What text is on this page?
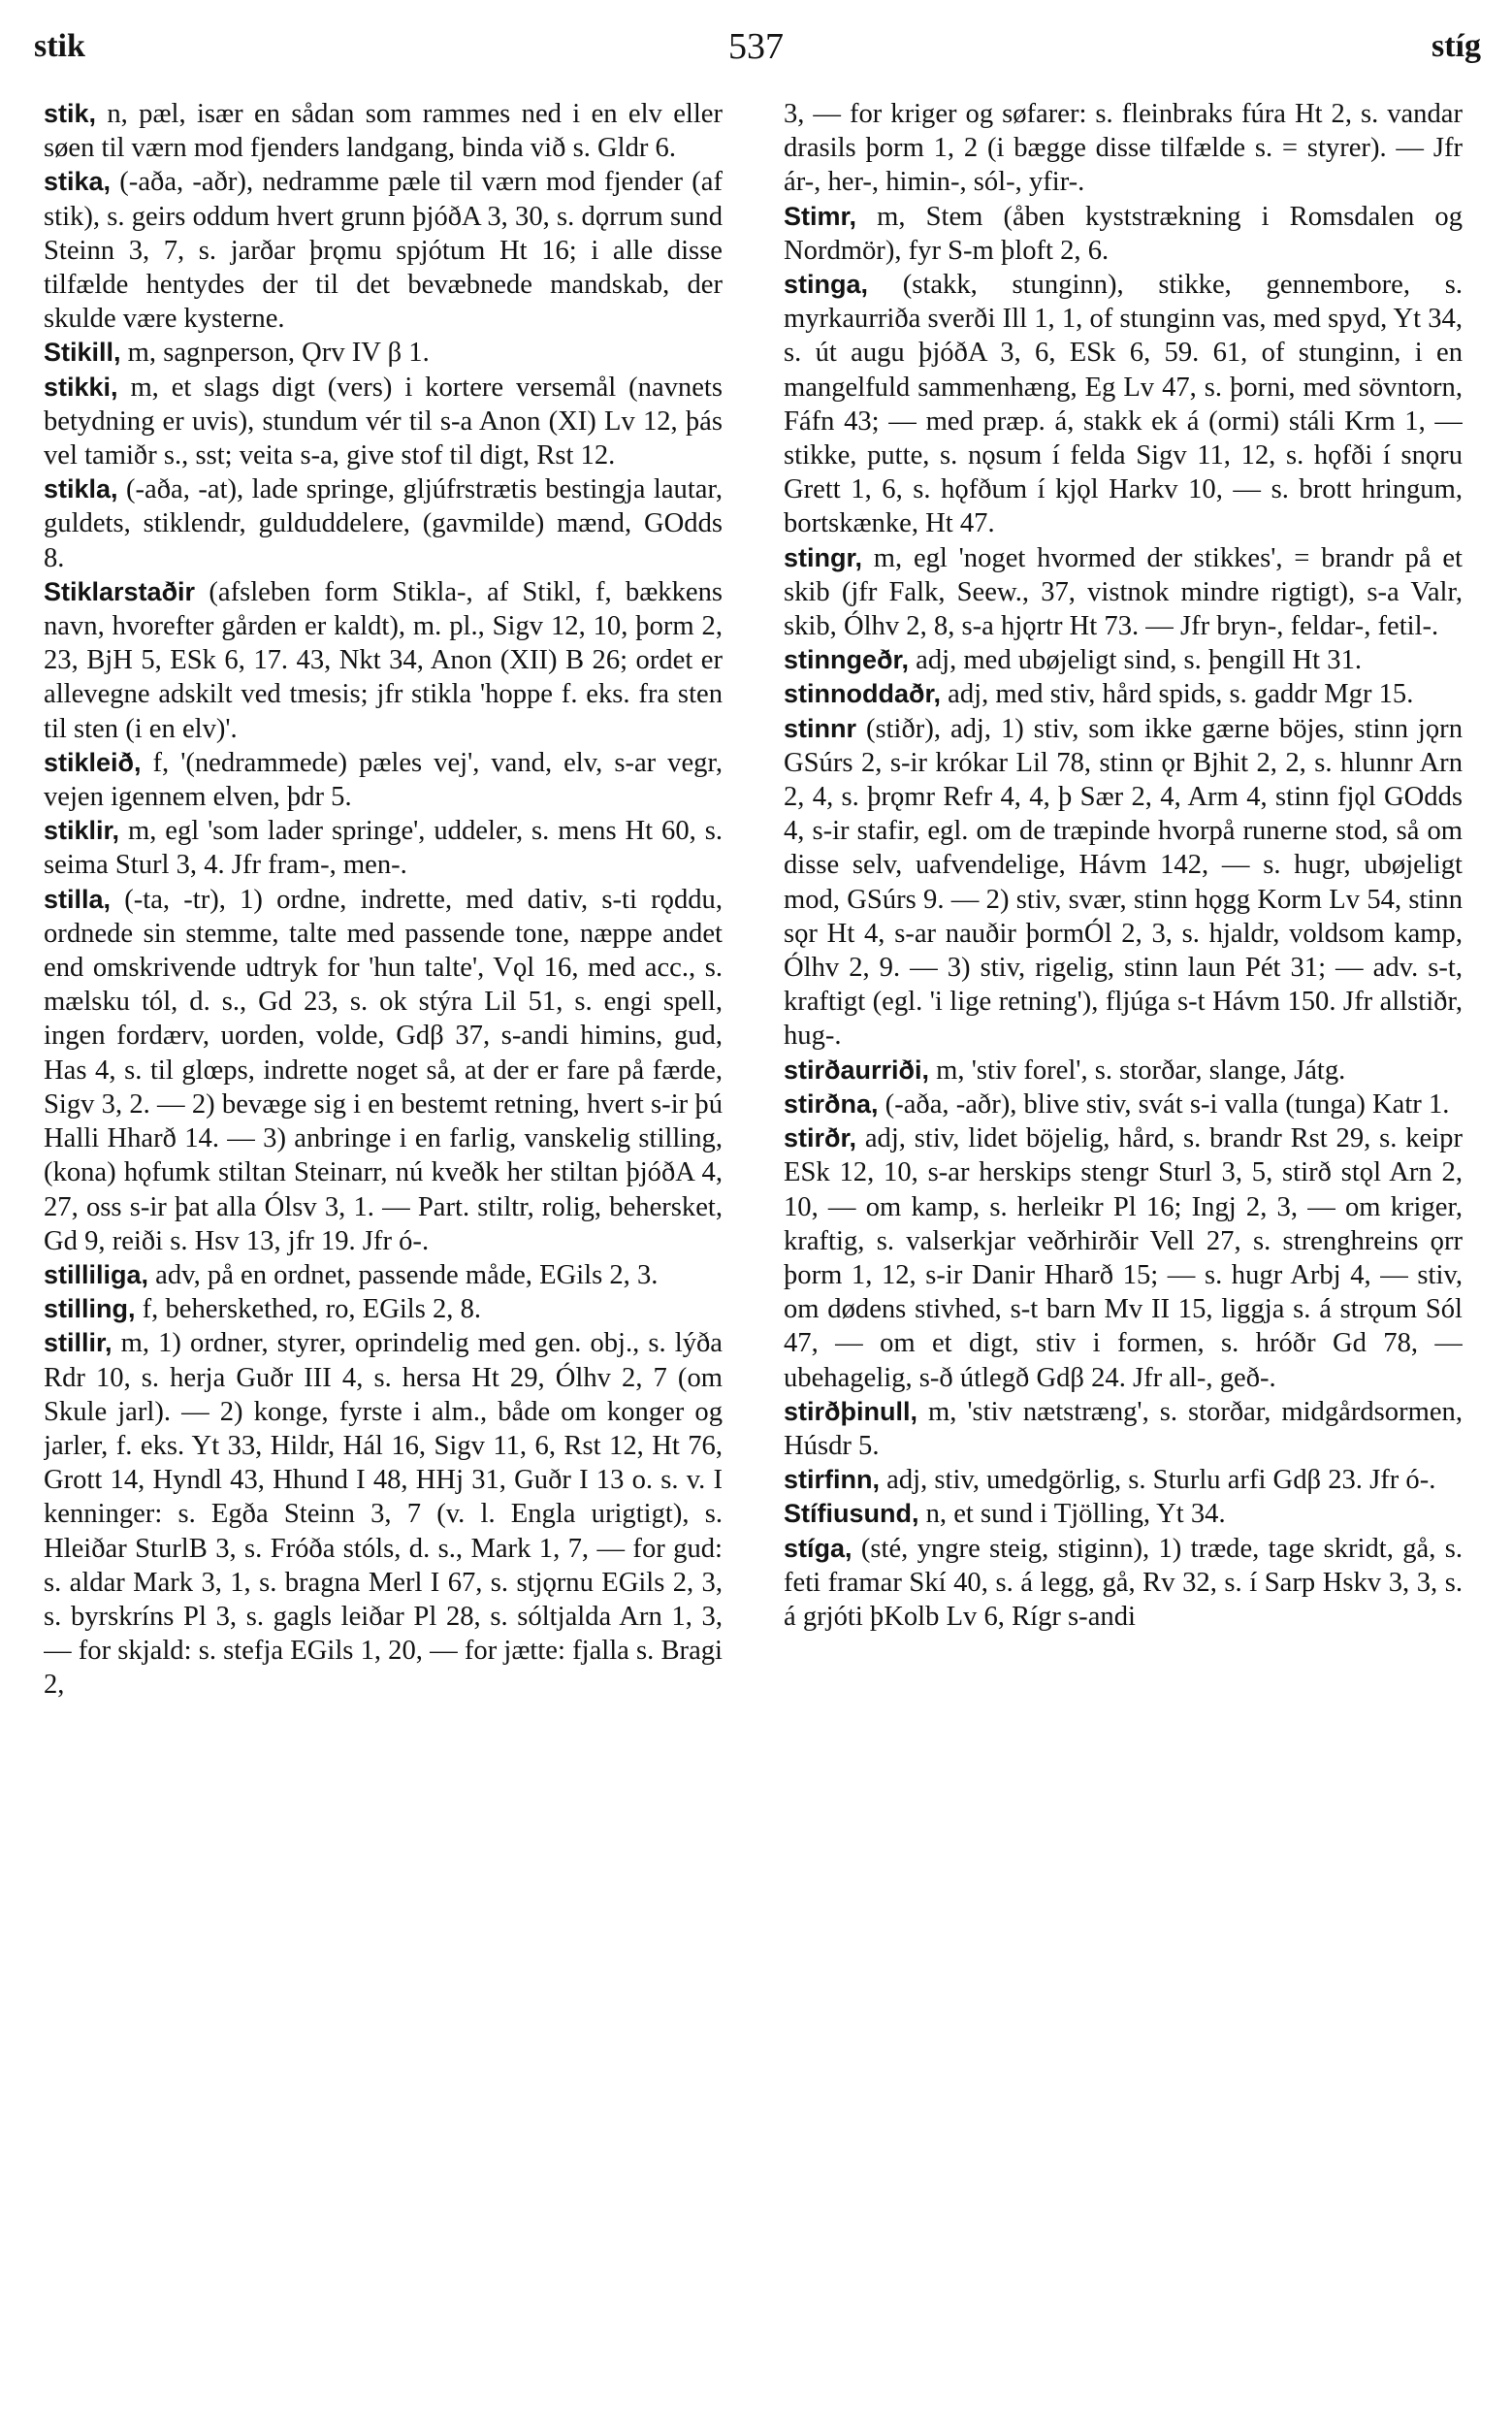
stik	537	stíg

stik, n, pæl, især en sådan som rammes ned i en elv eller søen til værn mod fjenders landgang, binda við s. Gldr 6.

stika, (-aða, -aðr), nedramme pæle til værn mod fjender (af stik), s. geirs oddum hvert grunn þjóðA 3, 30, s. dǫrrum sund Steinn 3, 7, s. jarðar þrǫmu spjótum Ht 16; i alle disse tilfælde hentydes der til det bevæbnede mandskab, der skulde være kysterne.

Stikill, m, sagnperson, Ǫrv IV β 1.

stikki, m, et slags digt (vers) i kortere versemål (navnets betydning er uvis), stundum vér til s-a Anon (XI) Lv 12, þás vel tamiðr s., sst; veita s-a, give stof til digt, Rst 12.

stikla, (-aða, -at), lade springe, gljúfrstrætis bestingja lautar, guldets, stiklendr, gulduddelere, (gavmilde) mænd, GOdds 8.

Stiklarstaðir (afsleben form Stikla-, af Stikl, f, bækkens navn, hvorefter gården er kaldt), m. pl., Sigv 12, 10, þorm 2, 23, BjH 5, ESk 6, 17. 43, Nkt 34, Anon (XII) B 26; ordet er allevegne adskilt ved tmesis; jfr stikla 'hoppe f. eks. fra sten til sten (i en elv)'.

stikleið, f, '(nedrammede) pæles vej', vand, elv, s-ar vegr, vejen igennem elven, þdr 5.

stiklir, m, egl 'som lader springe', uddeler, s. mens Ht 60, s. seima Sturl 3, 4. Jfr fram-, men-.

stilla, (-ta, -tr), 1) ordne, indrette, med dativ, s-ti rǫddu, ordnede sin stemme, talte med passende tone, næppe andet end omskrivende udtryk for 'hun talte', Vǫl 16, med acc., s. mælsku tól, d. s., Gd 23, s. ok stýra Lil 51, s. engi spell, ingen fordærv, uorden, volde, Gdβ 37, s-andi himins, gud, Has 4, s. til glœps, indrette noget så, at der er fare på færde, Sigv 3, 2. — 2) bevæge sig i en bestemt retning, hvert s-ir þú Halli Hharð 14. — 3) anbringe i en farlig, vanskelig stilling, (kona) hǫfumk stiltan Steinarr, nú kveðk her stiltan þjóðA 4, 27, oss s-ir þat alla Ólsv 3, 1. — Part. stiltr, rolig, behersket, Gd 9, reiði s. Hsv 13, jfr 19. Jfr ó-.

stilliliga, adv, på en ordnet, passende måde, EGils 2, 3.

stilling, f, beherskethed, ro, EGils 2, 8.

stillir, m, 1) ordner, styrer, oprindelig med gen. obj., s. lýða Rdr 10, s. herja Guðr III 4, s. hersa Ht 29, Ólhv 2, 7 (om Skule jarl). — 2) konge, fyrste i alm., både om konger og jarler, f. eks. Yt 33, Hildr, Hál 16, Sigv 11, 6, Rst 12, Ht 76, Grott 14, Hyndl 43, Hhund I 48, HHj 31, Guðr I 13 o. s. v. I kenninger: s. Egða Steinn 3, 7 (v. l. Engla urigtigt), s. Hleiðar SturlB 3, s. Fróða stóls, d. s., Mark 1, 7, — for gud: s. aldar Mark 3, 1, s. bragna Merl I 67, s. stjǫrnu EGils 2, 3, s. byrskríns Pl 3, s. gagls leiðar Pl 28, s. sóltjalda Arn 1, 3, — for skjald: s. stefja EGils 1, 20, — for jætte: fjalla s. Bragi 2,

3, — for kriger og søfarer: s. fleinbraks fúra Ht 2, s. vandar drasils þorm 1, 2 (i bægge disse tilfælde s. = styrer). — Jfr ár-, her-, himin-, sól-, yfir-.

Stimr, m, Stem (åben kyststrækning i Romsdalen og Nordmör), fyr S-m þloft 2, 6.

stinga, (stakk, stunginn), stikke, gennembore, s. myrkaurriða sverði Ill 1, 1, of stunginn vas, med spyd, Yt 34, s. út augu þjóðA 3, 6, ESk 6, 59. 61, of stunginn, i en mangelfuld sammenhæng, Eg Lv 47, s. þorni, med sövntorn, Fáfn 43; — med præp. á, stakk ek á (ormi) stáli Krm 1, — stikke, putte, s. nǫsum í felda Sigv 11, 12, s. hǫfði í snǫru Grett 1, 6, s. hǫfðum í kjǫl Harkv 10, — s. brott hringum, bortskænke, Ht 47.

stingr, m, egl 'noget hvormed der stikkes', = brandr på et skib (jfr Falk, Seew., 37, vistnok mindre rigtigt), s-a Valr, skib, Ólhv 2, 8, s-a hjǫrtr Ht 73. — Jfr bryn-, feldar-, fetil-.

stinngeðr, adj, med ubøjeligt sind, s. þengill Ht 31.

stinnoddaðr, adj, med stiv, hård spids, s. gaddr Mgr 15.

stinnr (stiðr), adj, 1) stiv, som ikke gærne böjes, stinn jǫrn GSúrs 2, s-ir krókar Lil 78, stinn ǫr Bjhit 2, 2, s. hlunnr Arn 2, 4, s. þrǫmr Refr 4, 4, þ Sær 2, 4, Arm 4, stinn fjǫl GOdds 4, s-ir stafir, egl. om de træpinde hvorpå runerne stod, så om disse selv, uafvendelige, Hávm 142, — s. hugr, ubøjeligt mod, GSúrs 9. — 2) stiv, svær, stinn hǫgg Korm Lv 54, stinn sǫr Ht 4, s-ar nauðir þormÓl 2, 3, s. hjaldr, voldsom kamp, Ólhv 2, 9. — 3) stiv, rigelig, stinn laun Pét 31; — adv. s-t, kraftigt (egl. 'i lige retning'), fljúga s-t Hávm 150. Jfr allstiðr, hug-.

stirðaurriði, m, 'stiv forel', s. storðar, slange, Játg.

stirðna, (-aða, -aðr), blive stiv, svát s-i valla (tunga) Katr 1.

stirðr, adj, stiv, lidet böjelig, hård, s. brandr Rst 29, s. keipr ESk 12, 10, s-ar herskips stengr Sturl 3, 5, stirð stǫl Arn 2, 10, — om kamp, s. herleikr Pl 16; Ingj 2, 3, — om kriger, kraftig, s. valserkjar veðrhirðir Vell 27, s. strenghreins ǫrr þorm 1, 12, s-ir Danir Hharð 15; — s. hugr Arbj 4, — stiv, om dødens stivhed, s-t barn Mv II 15, liggja s. á strǫum Sól 47, — om et digt, stiv i formen, s. hróðr Gd 78, — ubehagelig, s-ð útlegð Gdβ 24. Jfr all-, geð-.

stirðþinull, m, 'stiv nætstræng', s. storðar, midgårdsormen, Húsdr 5.

stirfinn, adj, stiv, umedgörlig, s. Sturlu arfi Gdβ 23. Jfr ó-.

Stífiusund, n, et sund i Tjölling, Yt 34.

stíga, (sté, yngre steig, stiginn), 1) træde, tage skridt, gå, s. feti framar Skí 40, s. á legg, gå, Rv 32, s. í Sarp Hskv 3, 3, s. á grjóti þKolb Lv 6, Rígr s-andi
